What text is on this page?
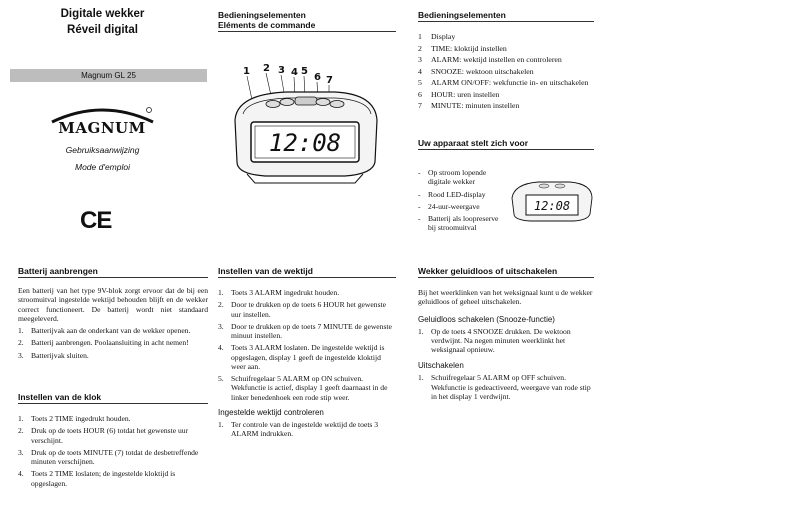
Digitale wekker
Réveil digital
Magnum GL 25
MAGNUM
Gebruiksaanwijzing
Mode d'emploi
CE
Batterij aanbrengen

Een batterij van het type 9V-blok zorgt ervoor dat de bij een stroomuitval ingestelde wektijd behouden blijft en de wekker correct functioneert. De batterij wordt niet standaard meegeleverd.

1. Batterijvak aan de onderkant van de wekker openen.
2. Batterij aanbrengen. Poolaansluiting in acht nemen!
3. Batterijvak sluiten.
Instellen van de klok
1. Toets 2 TIME ingedrukt houden.
2. Druk op de toets HOUR (6) totdat het gewenste uur verschijnt.
3. Druk op de toets MINUTE (7) totdat de desbetreffende minuten verschijnen.
4. Toets 2 TIME loslaten; de ingestelde kloktijd is opgeslagen.
Bedieningselementen
Eléments de commande
1 2 3 4 5
6 7
12:08
Instellen van de wektijd
1. Toets 3 ALARM ingedrukt houden.
2. Door te drukken op de toets 6 HOUR het gewenste uur instellen.
3. Door te drukken op de toets 7 MINUTE de gewenste minuut instellen.
4. Toets 3 ALARM loslaten. De ingestelde wektijd is opgeslagen, display 1 geeft de ingestelde kloktijd weer aan.
5. Schuifregelaar 5 ALARM op ON schuiven. Wekfunctie is actief, display 1 geeft daarnaast in de linker benedenhoek een rode stip weer.
Ingestelde wektijd controleren
1. Ter controle van de ingestelde wektijd de toets 3 ALARM indrukken.
Bedieningselementen
1 Display
2 TIME: kloktijd instellen
3 ALARM: wektijd instellen en controleren
4 SNOOZE: wektoon uitschakelen
5 ALARM ON/OFF: wekfunctie in- en uitschakelen
6 HOUR: uren instellen
7 MINUTE: minuten instellen
Uw apparaat stelt zich voor
- Op stroom lopende digitale wekker
- Rood LED-display
- 24-uur-weergave
- Batterij als loopreserve bij stroomuitval
12:08
Wekker geluidloos of uitschakelen

Bij het weerklinken van het weksignaal kunt u de wekker geluidloos of geheel uitschakelen.

Geluidloos schakelen (Snooze-functie)
1. Op de toets 4 SNOOZE drukken. De wektoon verdwijnt. Na negen minuten weerklinkt het weksignaal opnieuw.
Uitschakelen
1. Schuifregelaar 5 ALARM op OFF schuiven. Wekfunctie is gedeactiveerd, weergave van rode stip in het display 1 verdwijnt.
